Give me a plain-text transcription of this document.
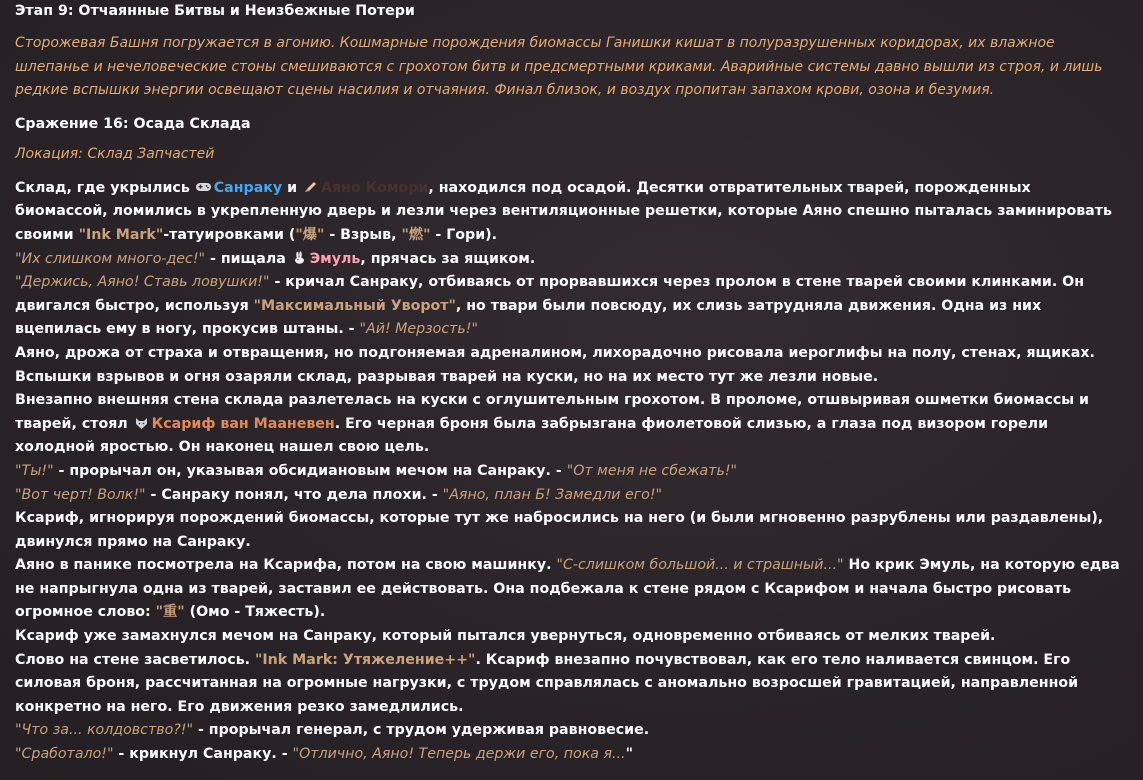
Этап 9: Отчаянные Битвы и Неизбежные Потери

Сторожевая Башня погружается в агонию. Кошмарные порождения биомассы Ганишки кишат в полуразрушенных коридорах, их влажное шлепанье и нечеловеческие стоны смешиваются с грохотом битв и предсмертными криками. Аварийные системы давно вышли из строя, и лишь редкие вспышки энергии освещают сцены насилия и отчаяния. Финал близок, и воздух пропитан запахом крови, озона и безумия.

Сражение 16: Осада Склада

Локация: Склад Запчастей

Склад, где укрылись
Санраку и
Аяно Комори, находился под осадой. Десятки отвратительных тварей, порожденных биомассой, ломились в укрепленную дверь и лезли через вентиляционные решетки, которые Аяно спешно пыталась заминировать своими "Ink Mark"-татуировками ("爆" - Взрыв, "燃" - Гори).

"Их слишком много-дес!" - пищала
Эмуль, прячась за ящиком.

"Держись, Аяно! Ставь ловушки!" - кричал Санраку, отбиваясь от прорвавшихся через пролом в стене тварей своими клинками. Он двигался быстро, используя "Максимальный Уворот", но твари были повсюду, их слизь затрудняла движения. Одна из них вцепилась ему в ногу, прокусив штаны. - "Ай! Мерзость!"

Аяно, дрожа от страха и отвращения, но подгоняемая адреналином, лихорадочно рисовала иероглифы на полу, стенах, ящиках. Вспышки взрывов и огня озаряли склад, разрывая тварей на куски, но на их место тут же лезли новые.

Внезапно внешняя стена склада разлетелась на куски с оглушительным грохотом. В проломе, отшвыривая ошметки биомассы и тварей, стоял
Ксариф ван Мааневен. Его черная броня была забрызгана фиолетовой слизью, а глаза под визором горели холодной яростью. Он наконец нашел свою цель.

"Ты!" - прорычал он, указывая обсидиановым мечом на Санраку. - "От меня не сбежать!"

"Вот черт! Волк!" - Санраку понял, что дела плохи. - "Аяно, план Б! Замедли его!"

Ксариф, игнорируя порождений биомассы, которые тут же набросились на него (и были мгновенно разрублены или раздавлены), двинулся прямо на Санраку.

Аяно в панике посмотрела на Ксарифа, потом на свою машинку. "С-слишком большой... и страшный..." Но крик Эмуль, на которую едва не напрыгнула одна из тварей, заставил ее действовать. Она подбежала к стене рядом с Ксарифом и начала быстро рисовать огромное слово: "重" (Омо - Тяжесть).

Ксариф уже замахнулся мечом на Санраку, который пытался увернуться, одновременно отбиваясь от мелких тварей.

Слово на стене засветилось. "Ink Mark: Утяжеление++". Ксариф внезапно почувствовал, как его тело наливается свинцом. Его силовая броня, рассчитанная на огромные нагрузки, с трудом справлялась с аномально возросшей гравитацией, направленной конкретно на него. Его движения резко замедлились.

"Что за... колдовство?!" - прорычал генерал, с трудом удерживая равновесие.

"Сработало!" - крикнул Санраку. - "Отлично, Аяно! Теперь держи его, пока я..."
